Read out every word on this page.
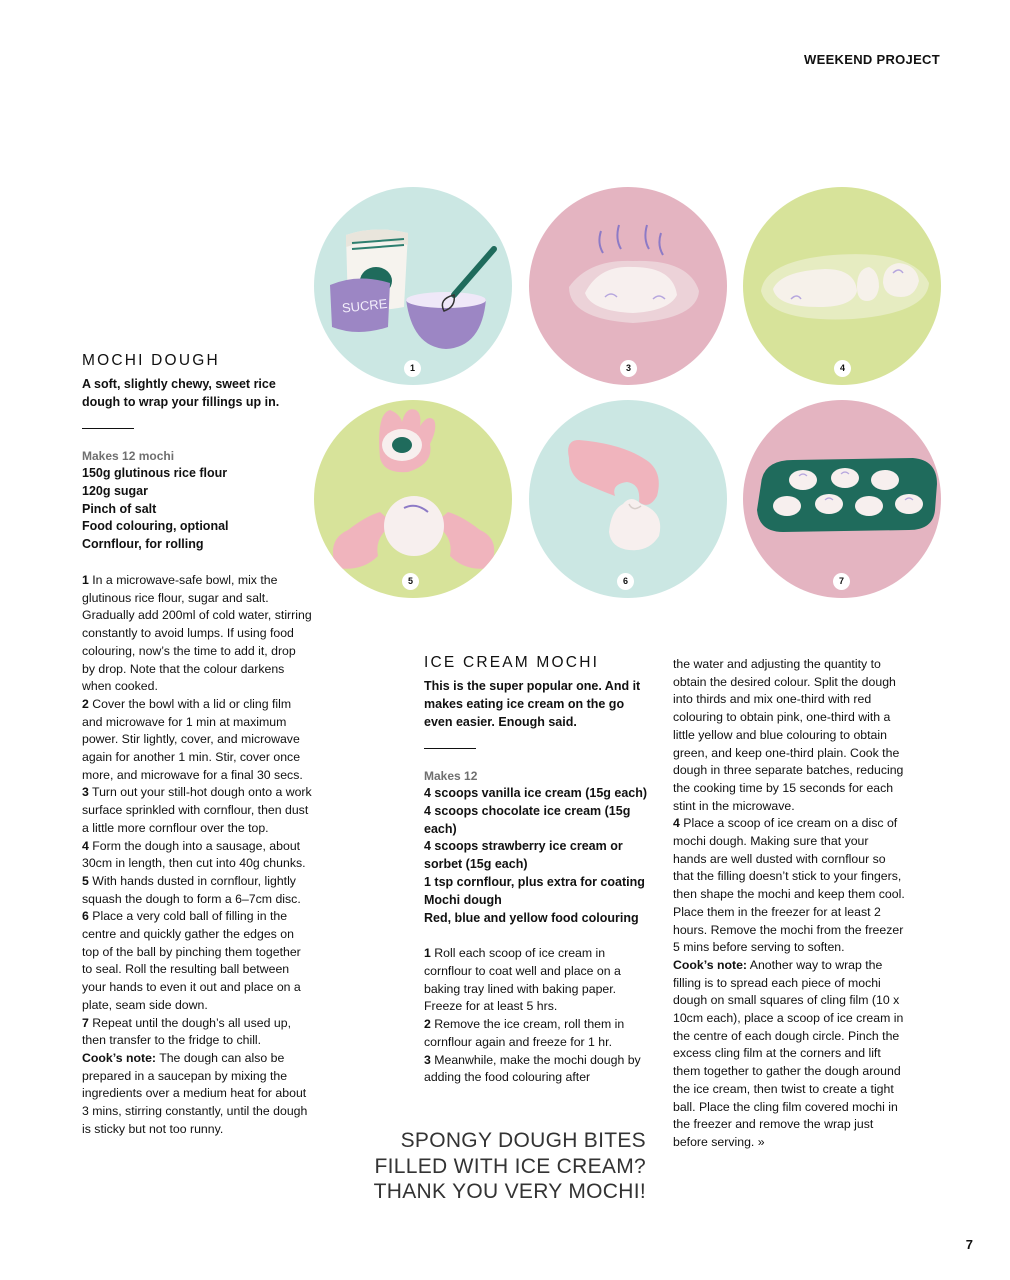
WEEKEND PROJECT
SUCRE
1	3	4
5	6	7
MOCHI DOUGH

A soft, slightly chewy, sweet rice dough to wrap your fillings up in.

Makes 12 mochi

150g glutinous rice flour

120g sugar

Pinch of salt

Food colouring, optional

Cornflour, for rolling

1 In a microwave-safe bowl, mix the glutinous rice flour, sugar and salt. Gradually add 200ml of cold water, stirring constantly to avoid lumps. If using food colouring, now’s the time to add it, drop by drop. Note that the colour darkens when cooked.

2 Cover the bowl with a lid or cling film and microwave for 1 min at maximum power. Stir lightly, cover, and microwave again for another 1 min. Stir, cover once more, and microwave for a final 30 secs.

3 Turn out your still-hot dough onto a work surface sprinkled with cornflour, then dust a little more cornflour over the top.

4 Form the dough into a sausage, about 30cm in length, then cut into 40g chunks.

5 With hands dusted in cornflour, lightly squash the dough to form a 6–7cm disc.

6 Place a very cold ball of filling in the centre and quickly gather the edges on top of the ball by pinching them together to seal. Roll the resulting ball between your hands to even it out and place on a plate, seam side down.

7 Repeat until the dough’s all used up, then transfer to the fridge to chill.

Cook’s note: The dough can also be prepared in a saucepan by mixing the ingredients over a medium heat for about 3 mins, stirring constantly, until the dough is sticky but not too runny.

ICE CREAM MOCHI

This is the super popular one. And it makes eating ice cream on the go even easier. Enough said.

Makes 12

4 scoops vanilla ice cream (15g each)

4 scoops chocolate ice cream (15g each)

4 scoops strawberry ice cream or sorbet (15g each)

1 tsp cornflour, plus extra for coating

Mochi dough

Red, blue and yellow food colouring

1 Roll each scoop of ice cream in cornflour to coat well and place on a baking tray lined with baking paper. Freeze for at least 5 hrs.

2 Remove the ice cream, roll them in cornflour again and freeze for 1 hr.

3 Meanwhile, make the mochi dough by adding the food colouring after

the water and adjusting the quantity to obtain the desired colour. Split the dough into thirds and mix one-third with red colouring to obtain pink, one-third with a little yellow and blue colouring to obtain green, and keep one-third plain. Cook the dough in three separate batches, reducing the cooking time by 15 seconds for each stint in the microwave.

4 Place a scoop of ice cream on a disc of mochi dough. Making sure that your hands are well dusted with cornflour so that the filling doesn’t stick to your fingers, then shape the mochi and keep them cool. Place them in the freezer for at least 2 hours. Remove the mochi from the freezer 5 mins before serving to soften.

Cook’s note: Another way to wrap the filling is to spread each piece of mochi dough on small squares of cling film (10 x 10cm each), place a scoop of ice cream in the centre of each dough circle. Pinch the excess cling film at the corners and lift them together to gather the dough around the ice cream, then twist to create a tight ball. Place the cling film covered mochi in the freezer and remove the wrap just before serving. »

SPONGY DOUGH BITES
FILLED WITH ICE CREAM?
THANK YOU VERY MOCHI!
7
